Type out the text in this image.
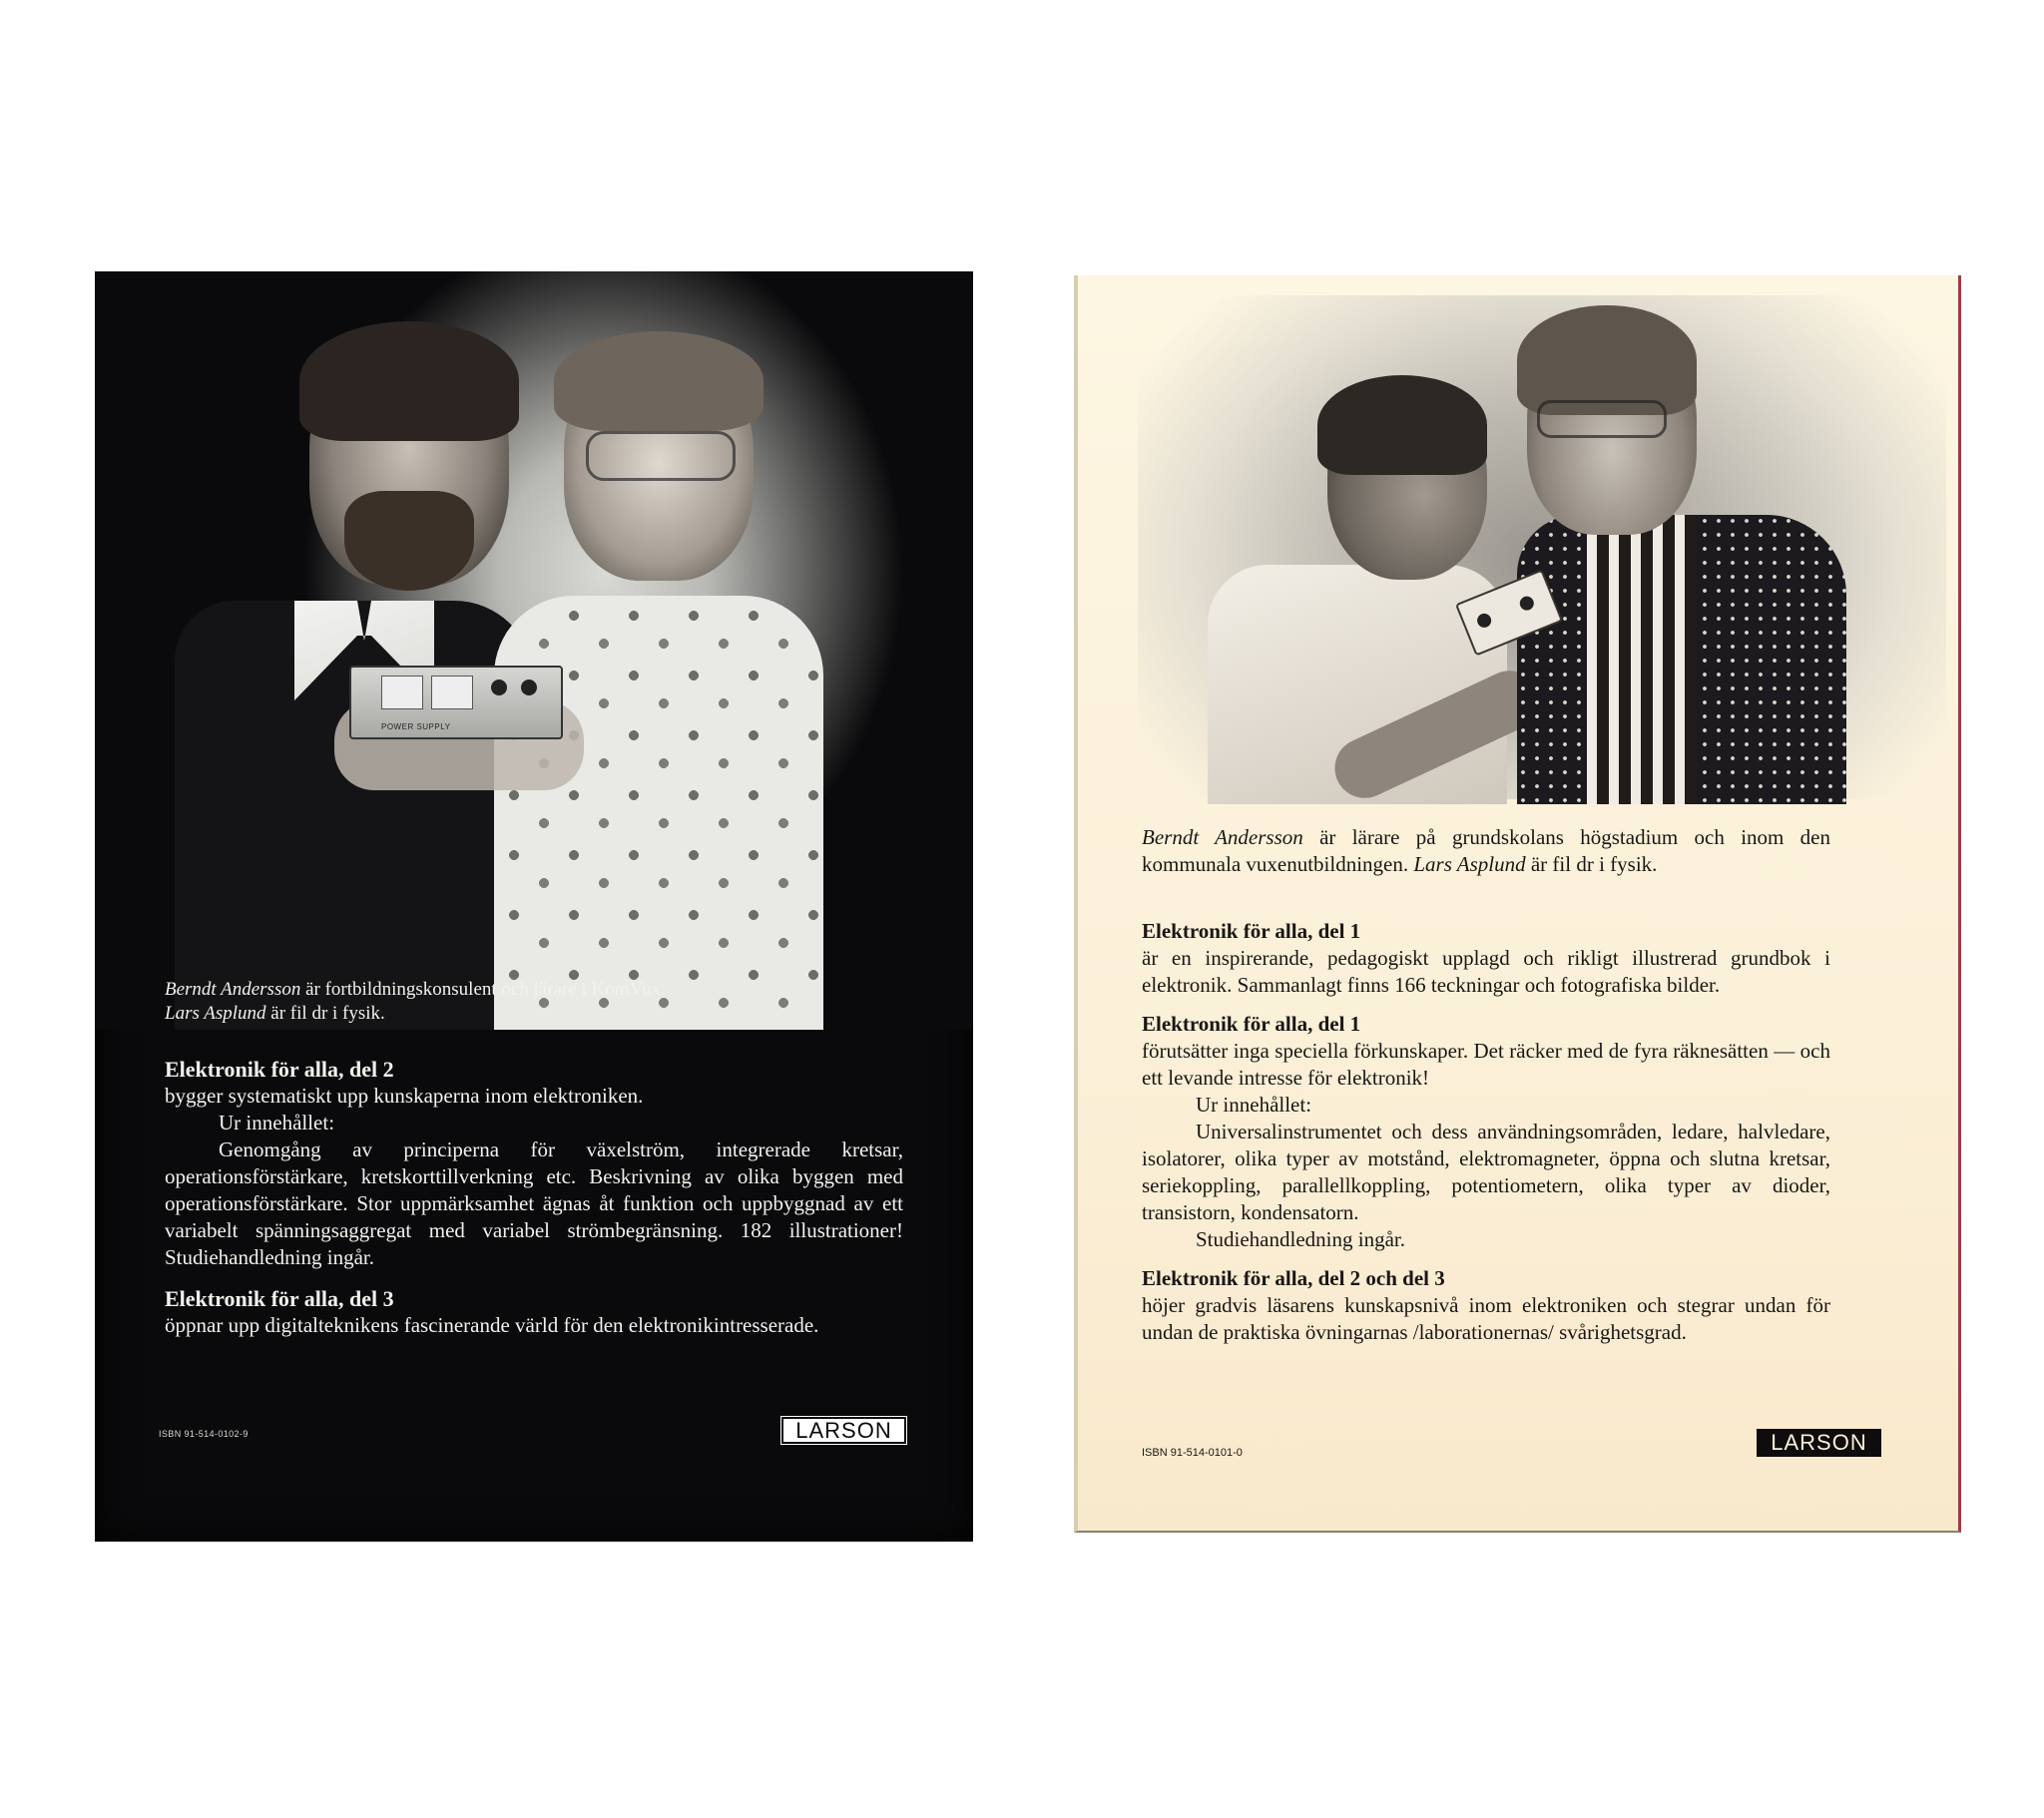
POWER SUPPLY
Berndt Andersson är fortbildningskonsulent och lärare i KomVux.
Lars Asplund är fil dr i fysik.
Elektronik för alla, del 2
bygger systematiskt upp kunskaperna inom elektroniken.
Ur innehållet:
Genomgång av principerna för växelström, integrerade kretsar, operationsförstärkare, kretskorttillverkning etc. Beskrivning av olika byggen med operationsförstärkare. Stor uppmärksamhet ägnas åt funktion och uppbyggnad av ett variabelt spänningsaggregat med variabel strömbegränsning. 182 illustrationer! Studiehandledning ingår.
Elektronik för alla, del 3
öppnar upp digitalteknikens fascinerande värld för den elektronikintresserade.
ISBN 91-514-0102-9	LARSON
Berndt Andersson är lärare på grundskolans högstadium och inom den kommunala vuxenutbildningen. Lars Asplund är fil dr i fysik.
Elektronik för alla, del 1
är en inspirerande, pedagogiskt upplagd och rikligt illustrerad grundbok i elektronik. Sammanlagt finns 166 teckningar och fotografiska bilder.
Elektronik för alla, del 1
förutsätter inga speciella förkunskaper. Det räcker med de fyra räknesätten — och ett levande intresse för elektronik!
Ur innehållet:
Universalinstrumentet och dess användningsområden, ledare, halvledare, isolatorer, olika typer av motstånd, elektromagneter, öppna och slutna kretsar, seriekoppling, parallellkoppling, potentiometern, olika typer av dioder, transistorn, kondensatorn.
Studiehandledning ingår.
Elektronik för alla, del 2 och del 3
höjer gradvis läsarens kunskapsnivå inom elektroniken och stegrar undan för undan de praktiska övningarnas /laborationernas/ svårighetsgrad.
ISBN 91-514-0101-0	LARSON
